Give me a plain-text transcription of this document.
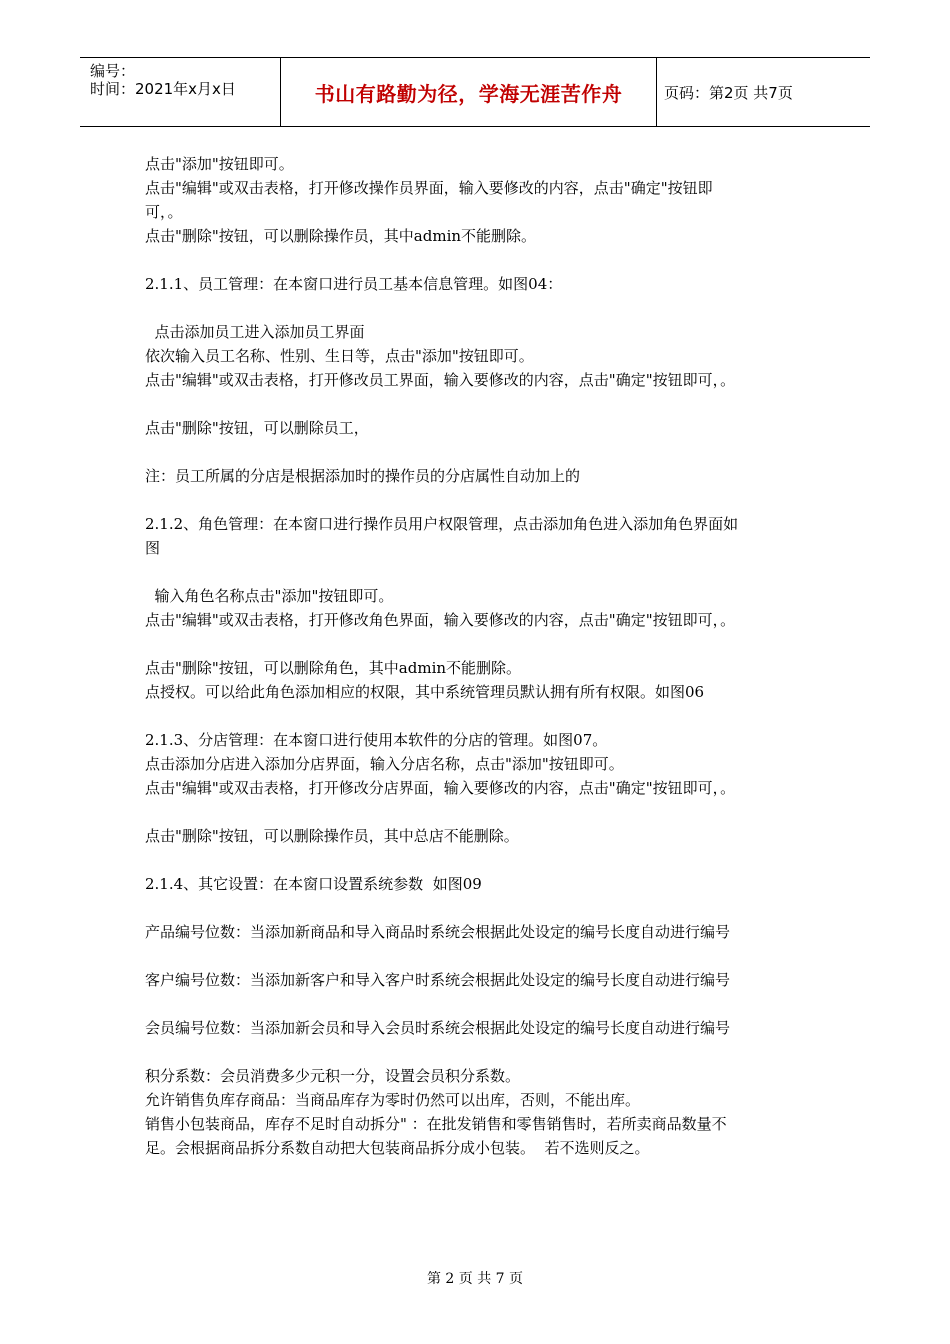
编号：
时间：2021年x月x日	书山有路勤为径，学海无涯苦作舟	页码：第2页 共7页

点击"添加"按钮即可。

点击"编辑"或双击表格，打开修改操作员界面，输入要修改的内容，点击"确定"按钮即

可，。

点击"删除"按钮，可以删除操作员，其中admin不能删除。

2.1.1、员工管理：在本窗口进行员工基本信息管理。如图04：

点击添加员工进入添加员工界面

依次输入员工名称、性别、生日等，点击"添加"按钮即可。

点击"编辑"或双击表格，打开修改员工界面，输入要修改的内容，点击"确定"按钮即可，。

点击"删除"按钮，可以删除员工，

注：员工所属的分店是根据添加时的操作员的分店属性自动加上的

2.1.2、角色管理：在本窗口进行操作员用户权限管理，点击添加角色进入添加角色界面如

图

输入角色名称点击"添加"按钮即可。

点击"编辑"或双击表格，打开修改角色界面，输入要修改的内容，点击"确定"按钮即可，。

点击"删除"按钮，可以删除角色，其中admin不能删除。

点授权。可以给此角色添加相应的权限，其中系统管理员默认拥有所有权限。如图06

2.1.3、分店管理：在本窗口进行使用本软件的分店的管理。如图07。

点击添加分店进入添加分店界面，输入分店名称，点击"添加"按钮即可。

点击"编辑"或双击表格，打开修改分店界面，输入要修改的内容，点击"确定"按钮即可，。

点击"删除"按钮，可以删除操作员，其中总店不能删除。

2.1.4、其它设置：在本窗口设置系统参数  如图09

产品编号位数：当添加新商品和导入商品时系统会根据此处设定的编号长度自动进行编号

客户编号位数：当添加新客户和导入客户时系统会根据此处设定的编号长度自动进行编号

会员编号位数：当添加新会员和导入会员时系统会根据此处设定的编号长度自动进行编号

积分系数：会员消费多少元积一分，设置会员积分系数。

允许销售负库存商品：当商品库存为零时仍然可以出库，否则，不能出库。

销售小包装商品，库存不足时自动拆分" ：在批发销售和零售销售时，若所卖商品数量不

足。会根据商品拆分系数自动把大包装商品拆分成小包装。  若不选则反之。

第 2 页 共 7 页
